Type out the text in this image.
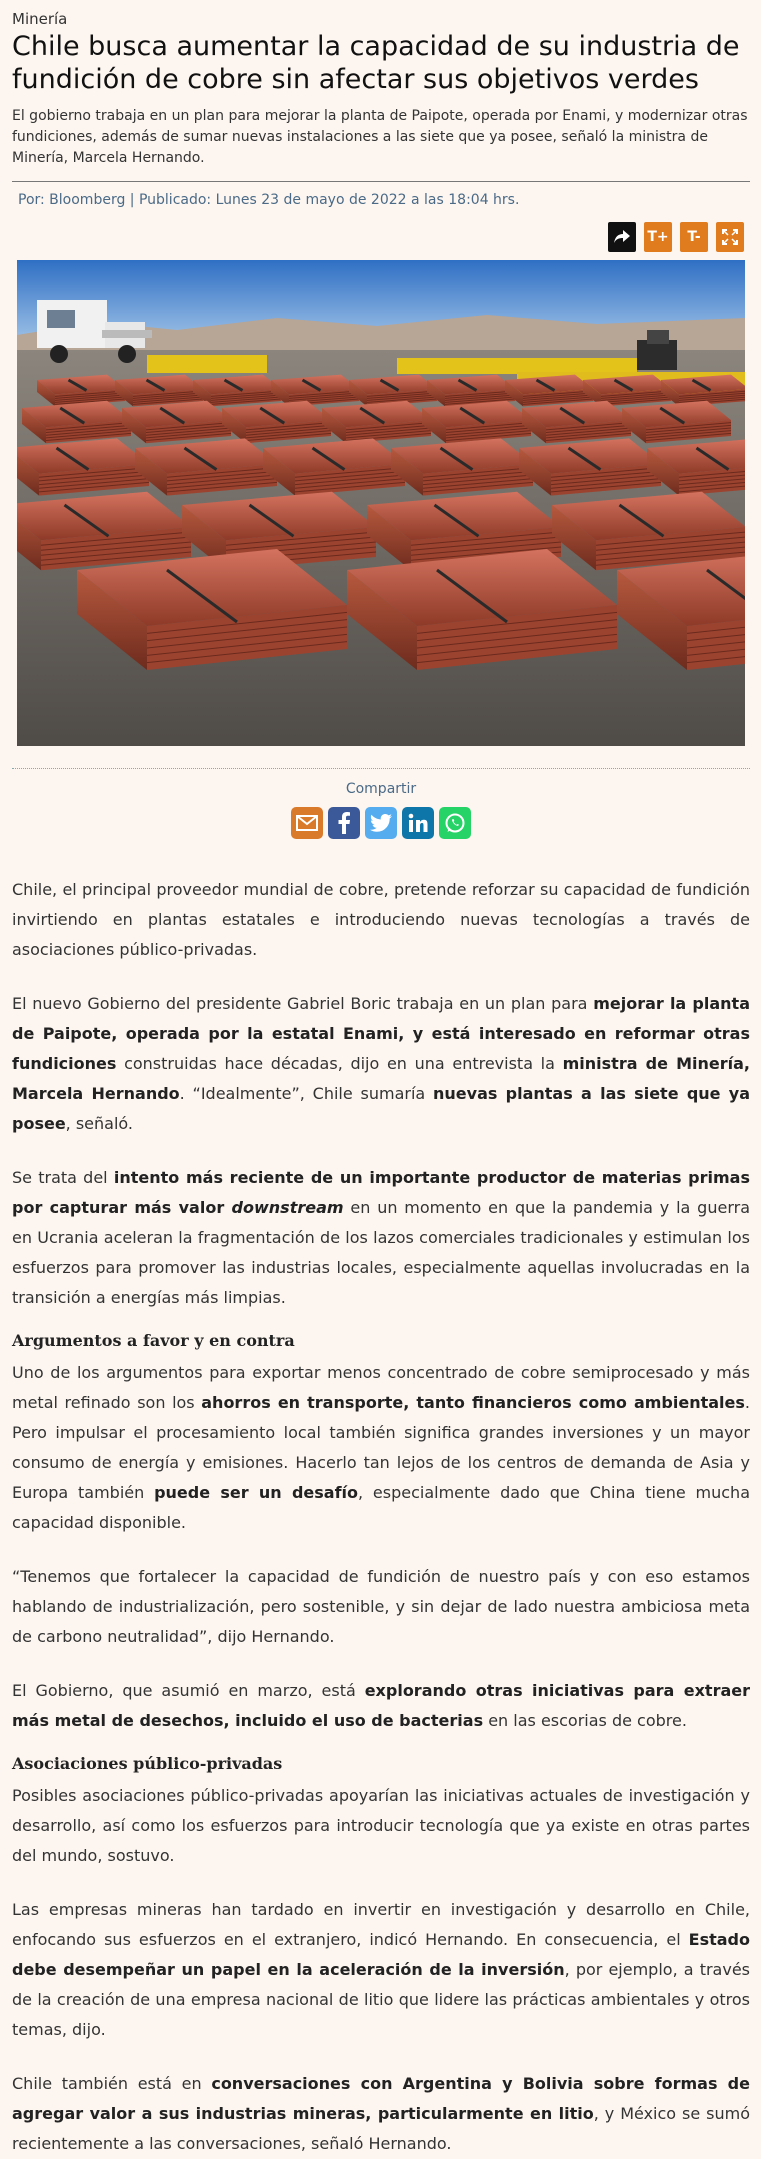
Minería
Chile busca aumentar la capacidad de su industria de fundición de cobre sin afectar sus objetivos verdes

El gobierno trabaja en un plan para mejorar la planta de Paipote, operada por Enami, y modernizar otras fundiciones, además de sumar nuevas instalaciones a las siete que ya posee, señaló la ministra de Minería, Marcela Hernando.

Por: Bloomberg | Publicado: Lunes 23 de mayo de 2022 a las 18:04 hrs.
T+	T-
Compartir

Chile, el principal proveedor mundial de cobre, pretende reforzar su capacidad de fundición invirtiendo en plantas estatales e introduciendo nuevas tecnologías a través de asociaciones público-privadas.

El nuevo Gobierno del presidente Gabriel Boric trabaja en un plan para mejorar la planta de Paipote, operada por la estatal Enami, y está interesado en reformar otras fundiciones construidas hace décadas, dijo en una entrevista la ministra de Minería, Marcela Hernando. “Idealmente”, Chile sumaría nuevas plantas a las siete que ya posee, señaló.

Se trata del intento más reciente de un importante productor de materias primas por capturar más valor downstream en un momento en que la pandemia y la guerra en Ucrania aceleran la fragmentación de los lazos comerciales tradicionales y estimulan los esfuerzos para promover las industrias locales, especialmente aquellas involucradas en la transición a energías más limpias.

Argumentos a favor y en contra

Uno de los argumentos para exportar menos concentrado de cobre semiprocesado y más metal refinado son los ahorros en transporte, tanto financieros como ambientales. Pero impulsar el procesamiento local también significa grandes inversiones y un mayor consumo de energía y emisiones. Hacerlo tan lejos de los centros de demanda de Asia y Europa también puede ser un desafío, especialmente dado que China tiene mucha capacidad disponible.

“Tenemos que fortalecer la capacidad de fundición de nuestro país y con eso estamos hablando de industrialización, pero sostenible, y sin dejar de lado nuestra ambiciosa meta de carbono neutralidad”, dijo Hernando.

El Gobierno, que asumió en marzo, está explorando otras iniciativas para extraer más metal de desechos, incluido el uso de bacterias en las escorias de cobre.

Asociaciones público-privadas

Posibles asociaciones público-privadas apoyarían las iniciativas actuales de investigación y desarrollo, así como los esfuerzos para introducir tecnología que ya existe en otras partes del mundo, sostuvo.

Las empresas mineras han tardado en invertir en investigación y desarrollo en Chile, enfocando sus esfuerzos en el extranjero, indicó Hernando. En consecuencia, el Estado debe desempeñar un papel en la aceleración de la inversión, por ejemplo, a través de la creación de una empresa nacional de litio que lidere las prácticas ambientales y otros temas, dijo.

Chile también está en conversaciones con Argentina y Bolivia sobre formas de agregar valor a sus industrias mineras, particularmente en litio, y México se sumó recientemente a las conversaciones, señaló Hernando.
